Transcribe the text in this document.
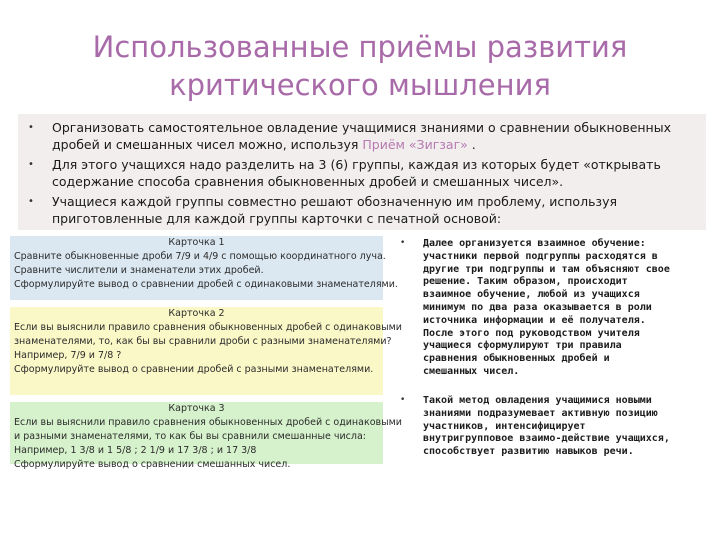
Использованные приёмы развития
критического мышления
• Организовать самостоятельное овладение учащимися знаниями о сравнении обыкновенных
дробей и смешанных чисел можно, используя Приём «Зигзаг» .
• Для этого учащихся надо разделить на 3 (6) группы, каждая из которых будет «открывать
содержание способа сравнения обыкновенных дробей и смешанных чисел».
• Учащиеся каждой группы совместно решают обозначенную им проблему, используя
приготовленные для каждой группы карточки с печатной основой:
Карточка 1
Сравните обыкновенные дроби 7/9 и 4/9 с помощью координатного луча.
Сравните числители и знаменатели этих дробей.
Сформулируйте вывод о сравнении дробей с одинаковыми знаменателями.
Карточка 2
Если вы выяснили правило сравнения обыкновенных дробей с одинаковыми
знаменателями, то, как бы вы сравнили дроби с разными знаменателями?
Например, 7/9 и 7/8 ?
Сформулируйте вывод о сравнении дробей с разными знаменателями.
Карточка 3
Если вы выяснили правило сравнения обыкновенных дробей с одинаковыми
и разными знаменателями, то как бы вы сравнили смешанные числа:
Например, 1 3/8 и 1 5/8 ; 2 1/9 и 17 3/8 ; и 17 3/8
Сформулируйте вывод о сравнении смешанных чисел.
• Далее организуется взаимное обучение:
участники первой подгруппы расходятся в
другие три подгруппы и там объясняют свое
решение. Таким образом, происходит
взаимное обучение, любой из учащихся
минимум по два раза оказывается в роли
источника информации и её получателя.
После этого под руководством учителя
учащиеся сформулируют три правила
сравнения обыкновенных дробей и
смешанных чисел.
• Такой метод овладения учащимися новыми
знаниями подразумевает активную позицию
участников, интенсифицирует
внутригрупповое взаимо-действие учащихся,
способствует развитию навыков речи.
